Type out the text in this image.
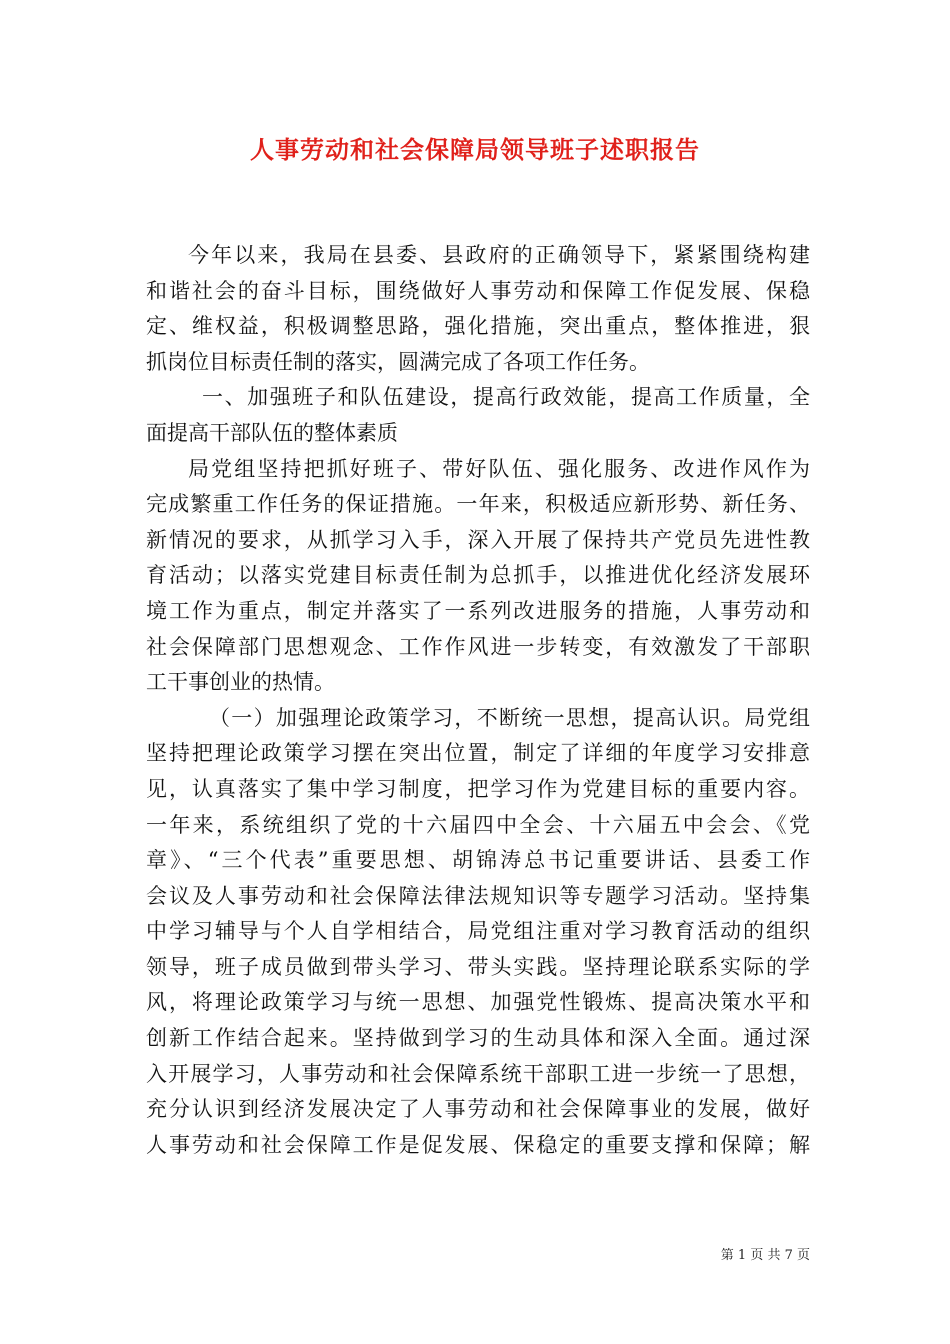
人事劳动和社会保障局领导班子述职报告
今年以来，我局在县委、县政府的正确领导下，紧紧围绕构建
和谐社会的奋斗目标，围绕做好人事劳动和保障工作促发展、保稳
定、维权益，积极调整思路，强化措施，突出重点，整体推进，狠
抓岗位目标责任制的落实，圆满完成了各项工作任务。
一、加强班子和队伍建设，提高行政效能，提高工作质量，全
面提高干部队伍的整体素质
局党组坚持把抓好班子、带好队伍、强化服务、改进作风作为
完成繁重工作任务的保证措施。一年来，积极适应新形势、新任务、
新情况的要求，从抓学习入手，深入开展了保持共产党员先进性教
育活动；以落实党建目标责任制为总抓手，以推进优化经济发展环
境工作为重点，制定并落实了一系列改进服务的措施，人事劳动和
社会保障部门思想观念、工作作风进一步转变，有效激发了干部职
工干事创业的热情。
（一）加强理论政策学习，不断统一思想，提高认识。局党组
坚持把理论政策学习摆在突出位置，制定了详细的年度学习安排意
见，认真落实了集中学习制度，把学习作为党建目标的重要内容。
一年来，系统组织了党的十六届四中全会、十六届五中会会、《党
章》、“三个代表”重要思想、胡锦涛总书记重要讲话、县委工作
会议及人事劳动和社会保障法律法规知识等专题学习活动。坚持集
中学习辅导与个人自学相结合，局党组注重对学习教育活动的组织
领导，班子成员做到带头学习、带头实践。坚持理论联系实际的学
风，将理论政策学习与统一思想、加强党性锻炼、提高决策水平和
创新工作结合起来。坚持做到学习的生动具体和深入全面。通过深
入开展学习，人事劳动和社会保障系统干部职工进一步统一了思想，
充分认识到经济发展决定了人事劳动和社会保障事业的发展，做好
人事劳动和社会保障工作是促发展、保稳定的重要支撑和保障；解
第 1 页 共 7 页
